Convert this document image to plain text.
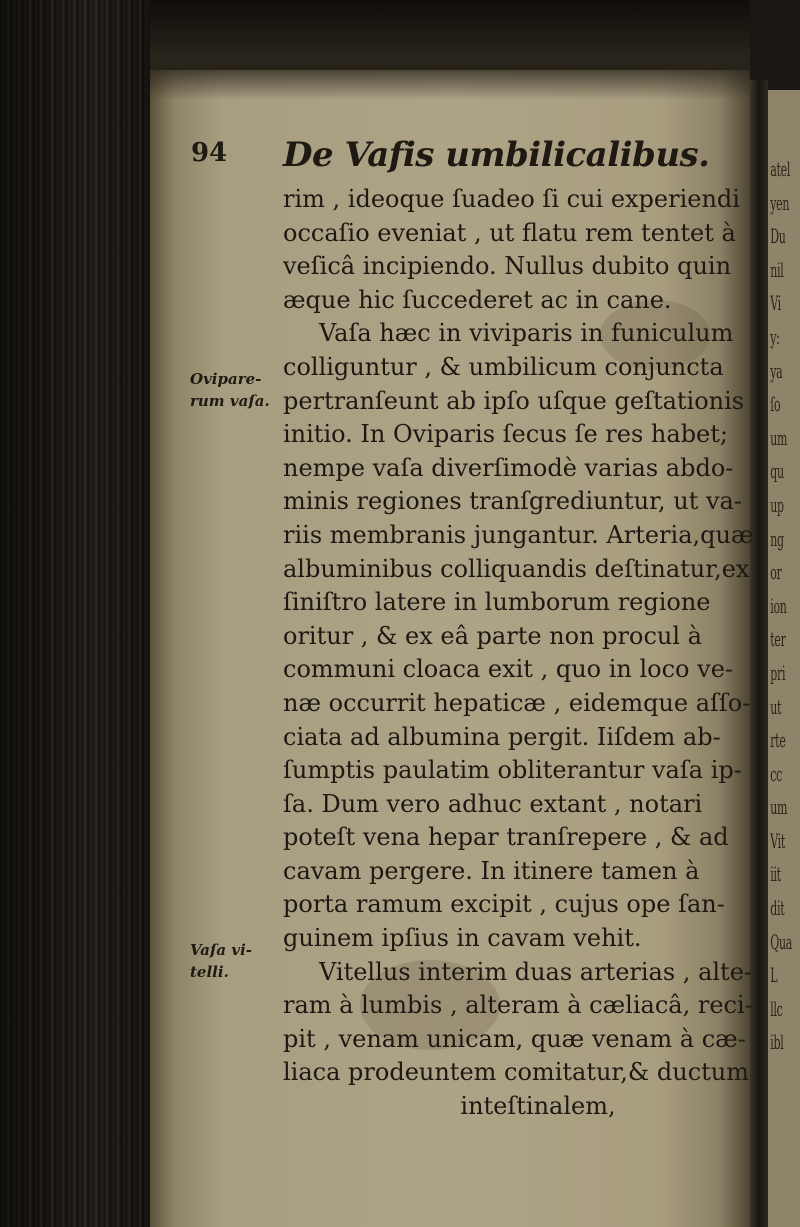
atel
yen
Du
nil
Vi
y:
ya
ſo
um
qu
up
ng
or
ion
ter
pri
ut
rte
cc
um
Vit
iit
dit
Qua
L
llc
ibl
94 De Vafis umbilicalibus.
Ovipare-
rum vaſa.
Vaſa vi-
telli.
rim , ideoque ſuadeo ſi cui experiendi
occaſio eveniat , ut flatu rem tentet à
veſicâ incipiendo. Nullus dubito quin
æque hic ſuccederet ac in cane.
Vaſa hæc in viviparis in funiculum
colliguntur , & umbilicum conjuncta
pertranſeunt ab ipſo uſque geſtationis
initio. In Oviparis ſecus ſe res habet;
nempe vaſa diverſimodè varias abdo-
minis regiones tranſgrediuntur, ut va-
riis membranis jungantur. Arteria,quæ
albuminibus colliquandis deſtinatur,ex
ſiniſtro latere in lumborum regione
oritur , & ex eâ parte non procul à
communi cloaca exit , quo in loco ve-
næ occurrit hepaticæ , eidemque aſſo-
ciata ad albumina pergit. Iiſdem ab-
ſumptis paulatim obliterantur vaſa ip-
ſa. Dum vero adhuc extant , notari
poteſt vena hepar tranſrepere , & ad
cavam pergere. In itinere tamen à
porta ramum excipit , cujus ope ſan-
guinem ipſius in cavam vehit.
Vitellus interim duas arterias , alte-
ram à lumbis , alteram à cæliacâ, reci-
pit , venam unicam, quæ venam à cæ-
liaca prodeuntem comitatur,& ductum
inteſtinalem,
